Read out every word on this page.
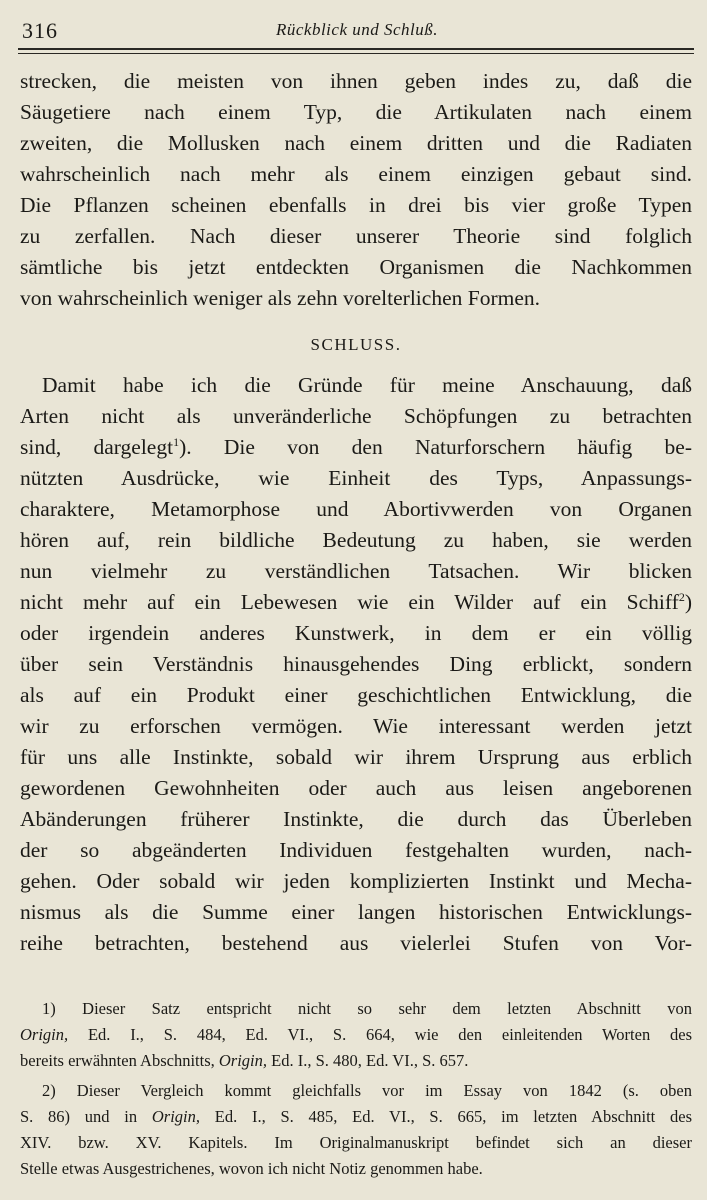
316	Rückblick und Schluß.
strecken, die meisten von ihnen geben indes zu, daß die
Säugetiere nach einem Typ, die Artikulaten nach einem
zweiten, die Mollusken nach einem dritten und die Radiaten
wahrscheinlich nach mehr als einem einzigen gebaut sind.
Die Pflanzen scheinen ebenfalls in drei bis vier große Typen
zu zerfallen. Nach dieser unserer Theorie sind folglich
sämtliche bis jetzt entdeckten Organismen die Nachkommen
von wahrscheinlich weniger als zehn vorelterlichen Formen.
SCHLUSS.
Damit habe ich die Gründe für meine Anschauung, daß
Arten nicht als unveränderliche Schöpfungen zu betrachten
sind, dargelegt$^1$). Die von den Naturforschern häufig be-
nützten Ausdrücke, wie Einheit des Typs, Anpassungs-
charaktere, Metamorphose und Abortivwerden von Organen
hören auf, rein bildliche Bedeutung zu haben, sie werden
nun vielmehr zu verständlichen Tatsachen. Wir blicken
nicht mehr auf ein Lebewesen wie ein Wilder auf ein Schiff$^2$)
oder irgendein anderes Kunstwerk, in dem er ein völlig
über sein Verständnis hinausgehendes Ding erblickt, sondern
als auf ein Produkt einer geschichtlichen Entwicklung, die
wir zu erforschen vermögen. Wie interessant werden jetzt
für uns alle Instinkte, sobald wir ihrem Ursprung aus erblich
gewordenen Gewohnheiten oder auch aus leisen angeborenen
Abänderungen früherer Instinkte, die durch das Überleben
der so abgeänderten Individuen festgehalten wurden, nach-
gehen. Oder sobald wir jeden komplizierten Instinkt und Mecha-
nismus als die Summe einer langen historischen Entwicklungs-
reihe betrachten, bestehend aus vielerlei Stufen von Vor-
1) Dieser Satz entspricht nicht so sehr dem letzten Abschnitt von
Origin, Ed. I., S. 484, Ed. VI., S. 664, wie den einleitenden Worten des
bereits erwähnten Abschnitts, Origin, Ed. I., S. 480, Ed. VI., S. 657.
2) Dieser Vergleich kommt gleichfalls vor im Essay von 1842 (s. oben
S. 86) und in Origin, Ed. I., S. 485, Ed. VI., S. 665, im letzten Abschnitt des
XIV. bzw. XV. Kapitels. Im Originalmanuskript befindet sich an dieser
Stelle etwas Ausgestrichenes, wovon ich nicht Notiz genommen habe.
